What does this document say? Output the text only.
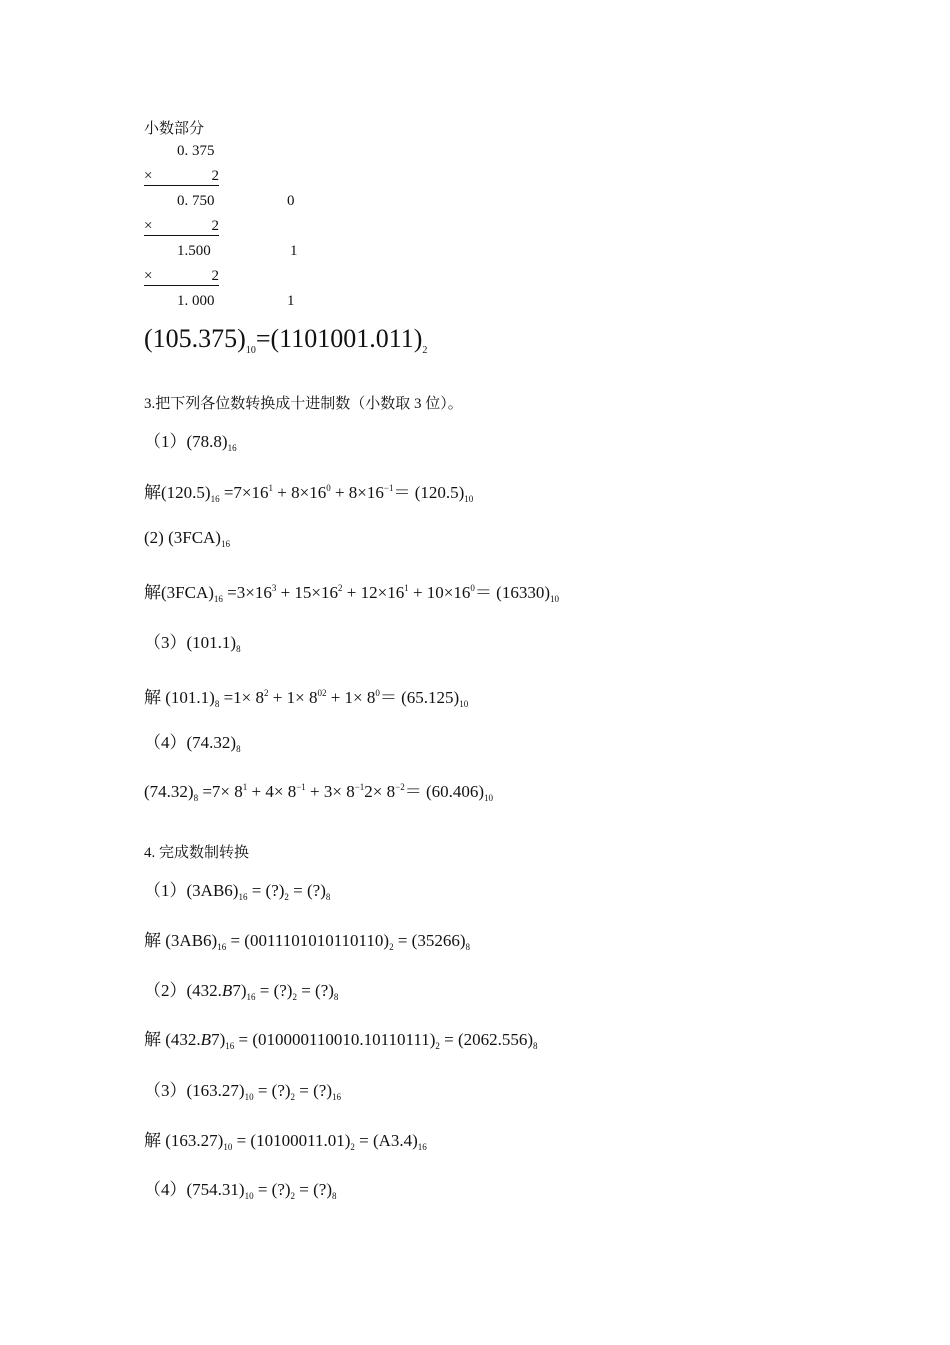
小数部分
0. 375
×	2
0. 750	0
×	2
1.500	1
×	2
1. 000	1
$(105.375)_{10}=(1101001.011)_2$
3.把下列各位数转换成十进制数（小数取 3 位）。
$(1)(78.8)_{16}$
解$(120.5)_{16} =7\times 16^1 + 8\times 16^0 + 8\times 16^{-1}= (120.5)_{10}$
(2) $(3FCA)_{16}$
解$(3FCA)_{16} =3\times 16^3 + 15\times 16^2 + 12\times 16^1 + 10\times 16^0= (16330)_{10}$
$(3)(101.1)_8$
解 $(101.1)_8 =1\times 8^2 + 1\times 8^{02} + 1\times 8^0= (65.125)_{10}$
$(4)(74.32)_8$
$(74.32)_8 =7\times 8^1 + 4\times 8^{-1} + 3\times 8^{-1}2\times 8^{-2}= (60.406)_{10}$
4. 完成数制转换
$(1)(3AB6)_{16}$ = $(?)_2$ = $(?)_8$
解 $(3AB6)_{16} = (0011101010110110)_2 = (35266)_8$
$(2)(432.B7)_{16}$ = $(?)_2$ = $(?)_8$
解 $(432.B7)_{16} = (010000110010.10110111)_2 = (2062.556)_8$
$(3)(163.27)_{10}$ = $(?)_2$ = $(?)_{16}$
解 $(163.27)_{10} = (10100011.01)_2 = (A3.4)_{16}$
$(4)(754.31)_{10}$ = $(?)_2$ = $(?)_8$
